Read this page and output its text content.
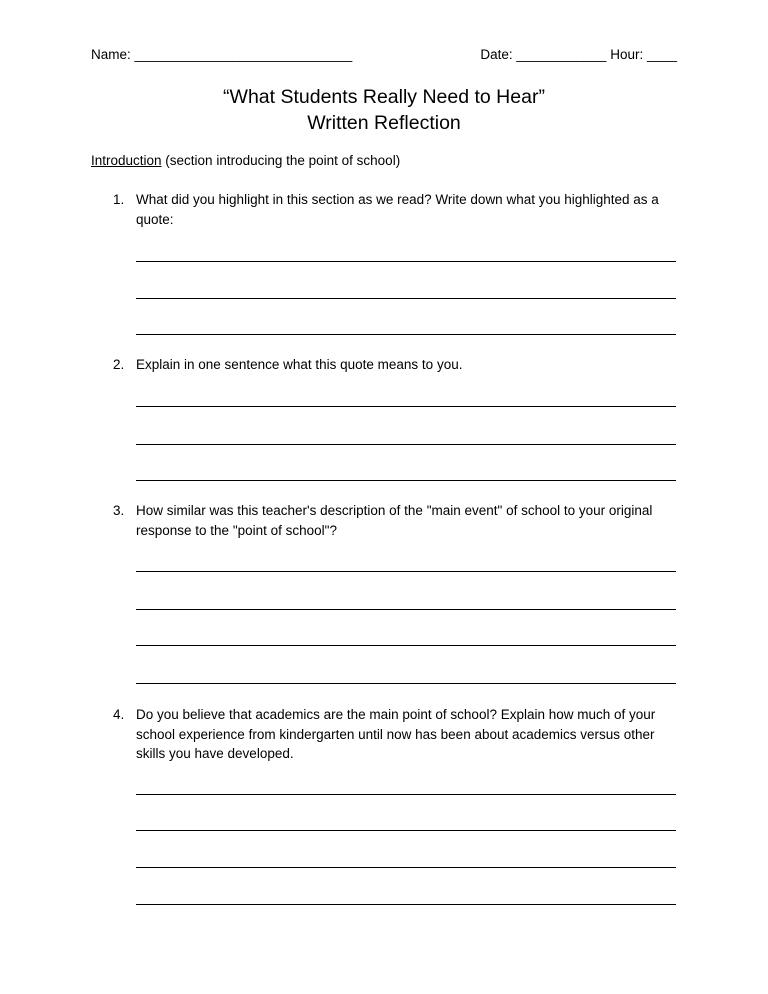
Name: _____________________________	Date: ____________ Hour: ____
“What Students Really Need to Hear”
Written Reflection
Introduction (section introducing the point of school)
1. What did you highlight in this section as we read? Write down what you highlighted as a quote:
2. Explain in one sentence what this quote means to you.
3. How similar was this teacher's description of the "main event" of school to your original response to the "point of school"?
4. Do you believe that academics are the main point of school? Explain how much of your school experience from kindergarten until now has been about academics versus other skills you have developed.
